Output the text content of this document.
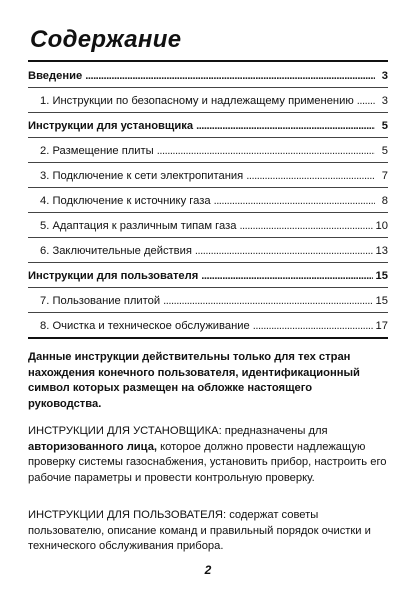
Содержание
Введение . . .	3
1. Инструкции по безопасному и надлежащему применению . . .	3
Инструкции для установщика . . .	5
2. Размещение плиты . . .	5
3. Подключение к сети электропитания . . .	7
4. Подключение к источнику газа . . .	8
5. Адаптация к различным типам газа . . .	10
6. Заключительные действия . . .	13
Инструкции для пользователя . . .	15
7. Пользование плитой . . .	15
8. Очистка и техническое обслуживание . . .	17

Данные инструкции действительны только для тех стран нахождения конечного пользователя, идентификационный символ которых размещен на обложке настоящего руководства.

ИНСТРУКЦИИ ДЛЯ УСТАНОВЩИКА: предназначены для авторизованного лица, которое должно провести надлежащую проверку системы газоснабжения, установить прибор, настроить его рабочие параметры и провести контрольную проверку.

ИНСТРУКЦИИ ДЛЯ ПОЛЬЗОВАТЕЛЯ: содержат советы пользователю, описание команд и правильный порядок очистки и технического обслуживания прибора.

2
